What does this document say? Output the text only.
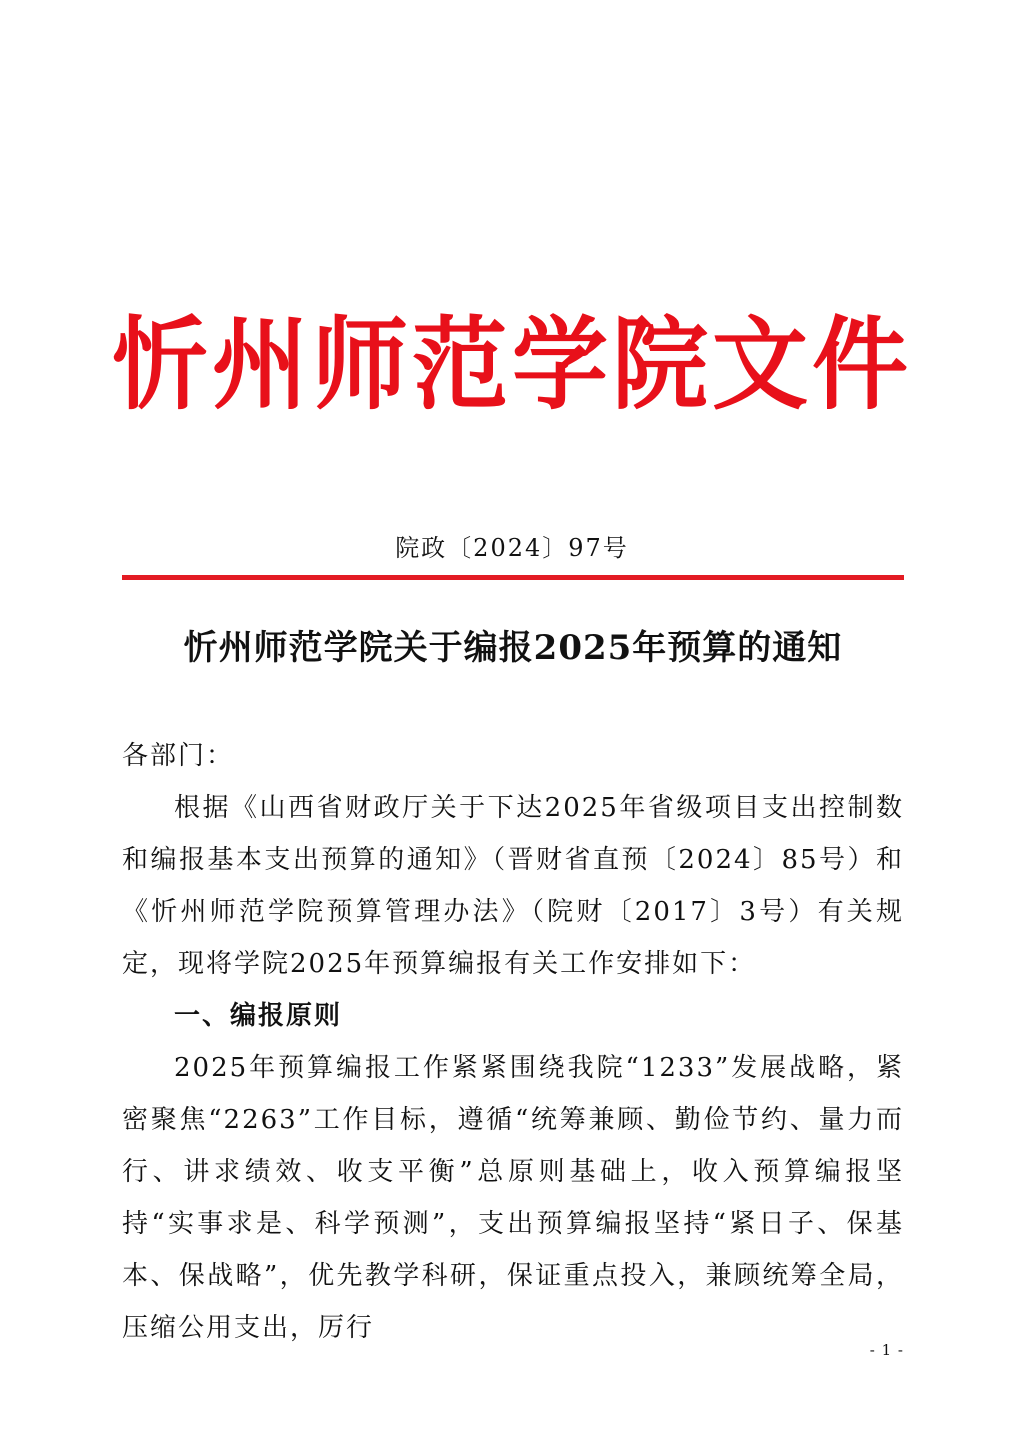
忻州师范学院文件
院政〔2024〕97号
忻州师范学院关于编报2025年预算的通知

各部门：

根据《山西省财政厅关于下达2025年省级项目支出控制数和编报基本支出预算的通知》（晋财省直预〔2024〕85号）和《忻州师范学院预算管理办法》（院财〔2017〕3号）有关规定，现将学院2025年预算编报有关工作安排如下：

一、编报原则

2025年预算编报工作紧紧围绕我院“1233”发展战略，紧密聚焦“2263”工作目标，遵循“统筹兼顾、勤俭节约、量力而行、讲求绩效、收支平衡”总原则基础上，收入预算编报坚持“实事求是、科学预测”，支出预算编报坚持“紧日子、保基本、保战略”，优先教学科研，保证重点投入，兼顾统筹全局，压缩公用支出，厉行

- 1 -
